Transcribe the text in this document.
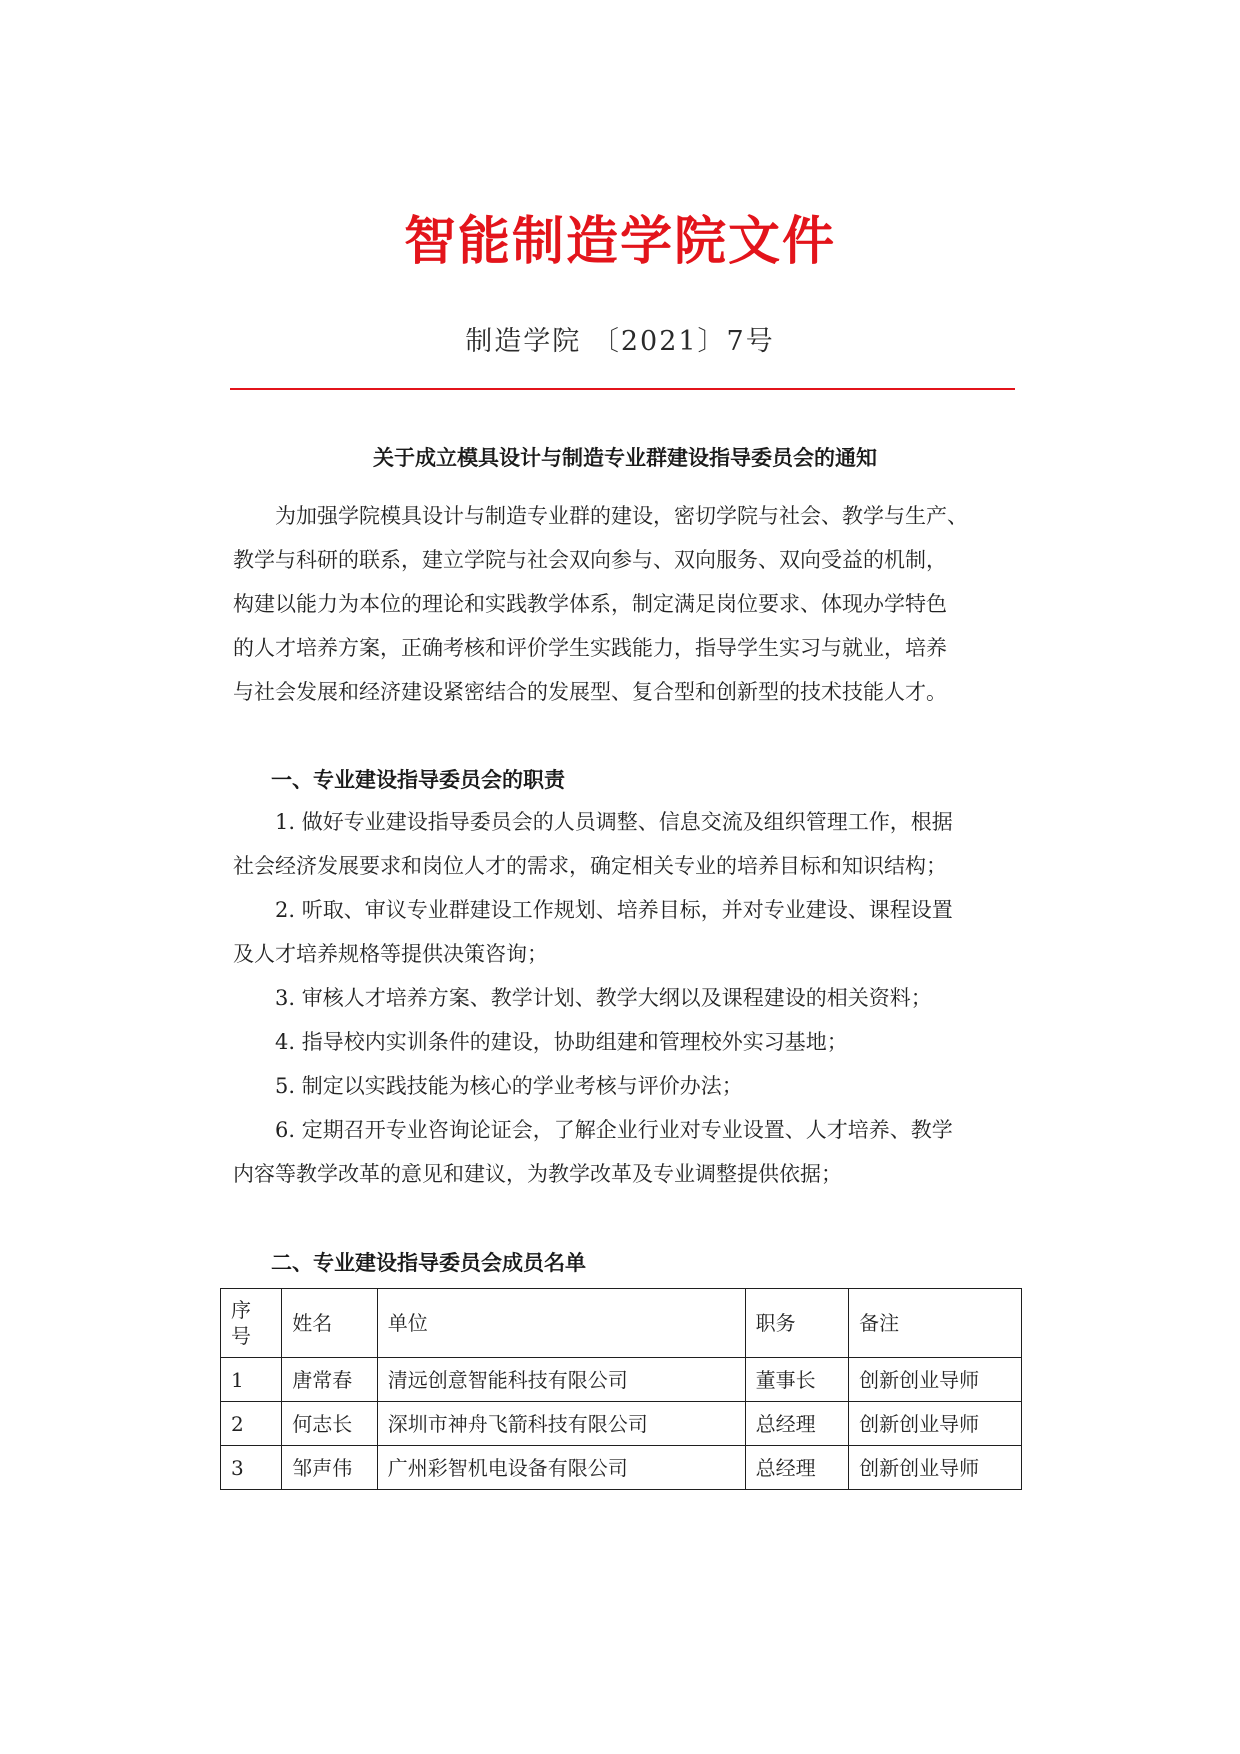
智能制造学院文件
制造学院 〔2021〕7号
关于成立模具设计与制造专业群建设指导委员会的通知
为加强学院模具设计与制造专业群的建设，密切学院与社会、教学与生产、
教学与科研的联系，建立学院与社会双向参与、双向服务、双向受益的机制，
构建以能力为本位的理论和实践教学体系，制定满足岗位要求、体现办学特色
的人才培养方案，正确考核和评价学生实践能力，指导学生实习与就业，培养
与社会发展和经济建设紧密结合的发展型、复合型和创新型的技术技能人才。
一、专业建设指导委员会的职责
1. 做好专业建设指导委员会的人员调整、信息交流及组织管理工作，根据
社会经济发展要求和岗位人才的需求，确定相关专业的培养目标和知识结构；
2. 听取、审议专业群建设工作规划、培养目标，并对专业建设、课程设置
及人才培养规格等提供决策咨询；
3. 审核人才培养方案、教学计划、教学大纲以及课程建设的相关资料；
4. 指导校内实训条件的建设，协助组建和管理校外实习基地；
5. 制定以实践技能为核心的学业考核与评价办法；
6. 定期召开专业咨询论证会，了解企业行业对专业设置、人才培养、教学
内容等教学改革的意见和建议，为教学改革及专业调整提供依据；
二、专业建设指导委员会成员名单
序
号	姓名	单位	职务	备注
1	唐常春	清远创意智能科技有限公司	董事长	创新创业导师
2	何志长	深圳市神舟飞箭科技有限公司	总经理	创新创业导师
3	邹声伟	广州彩智机电设备有限公司	总经理	创新创业导师
